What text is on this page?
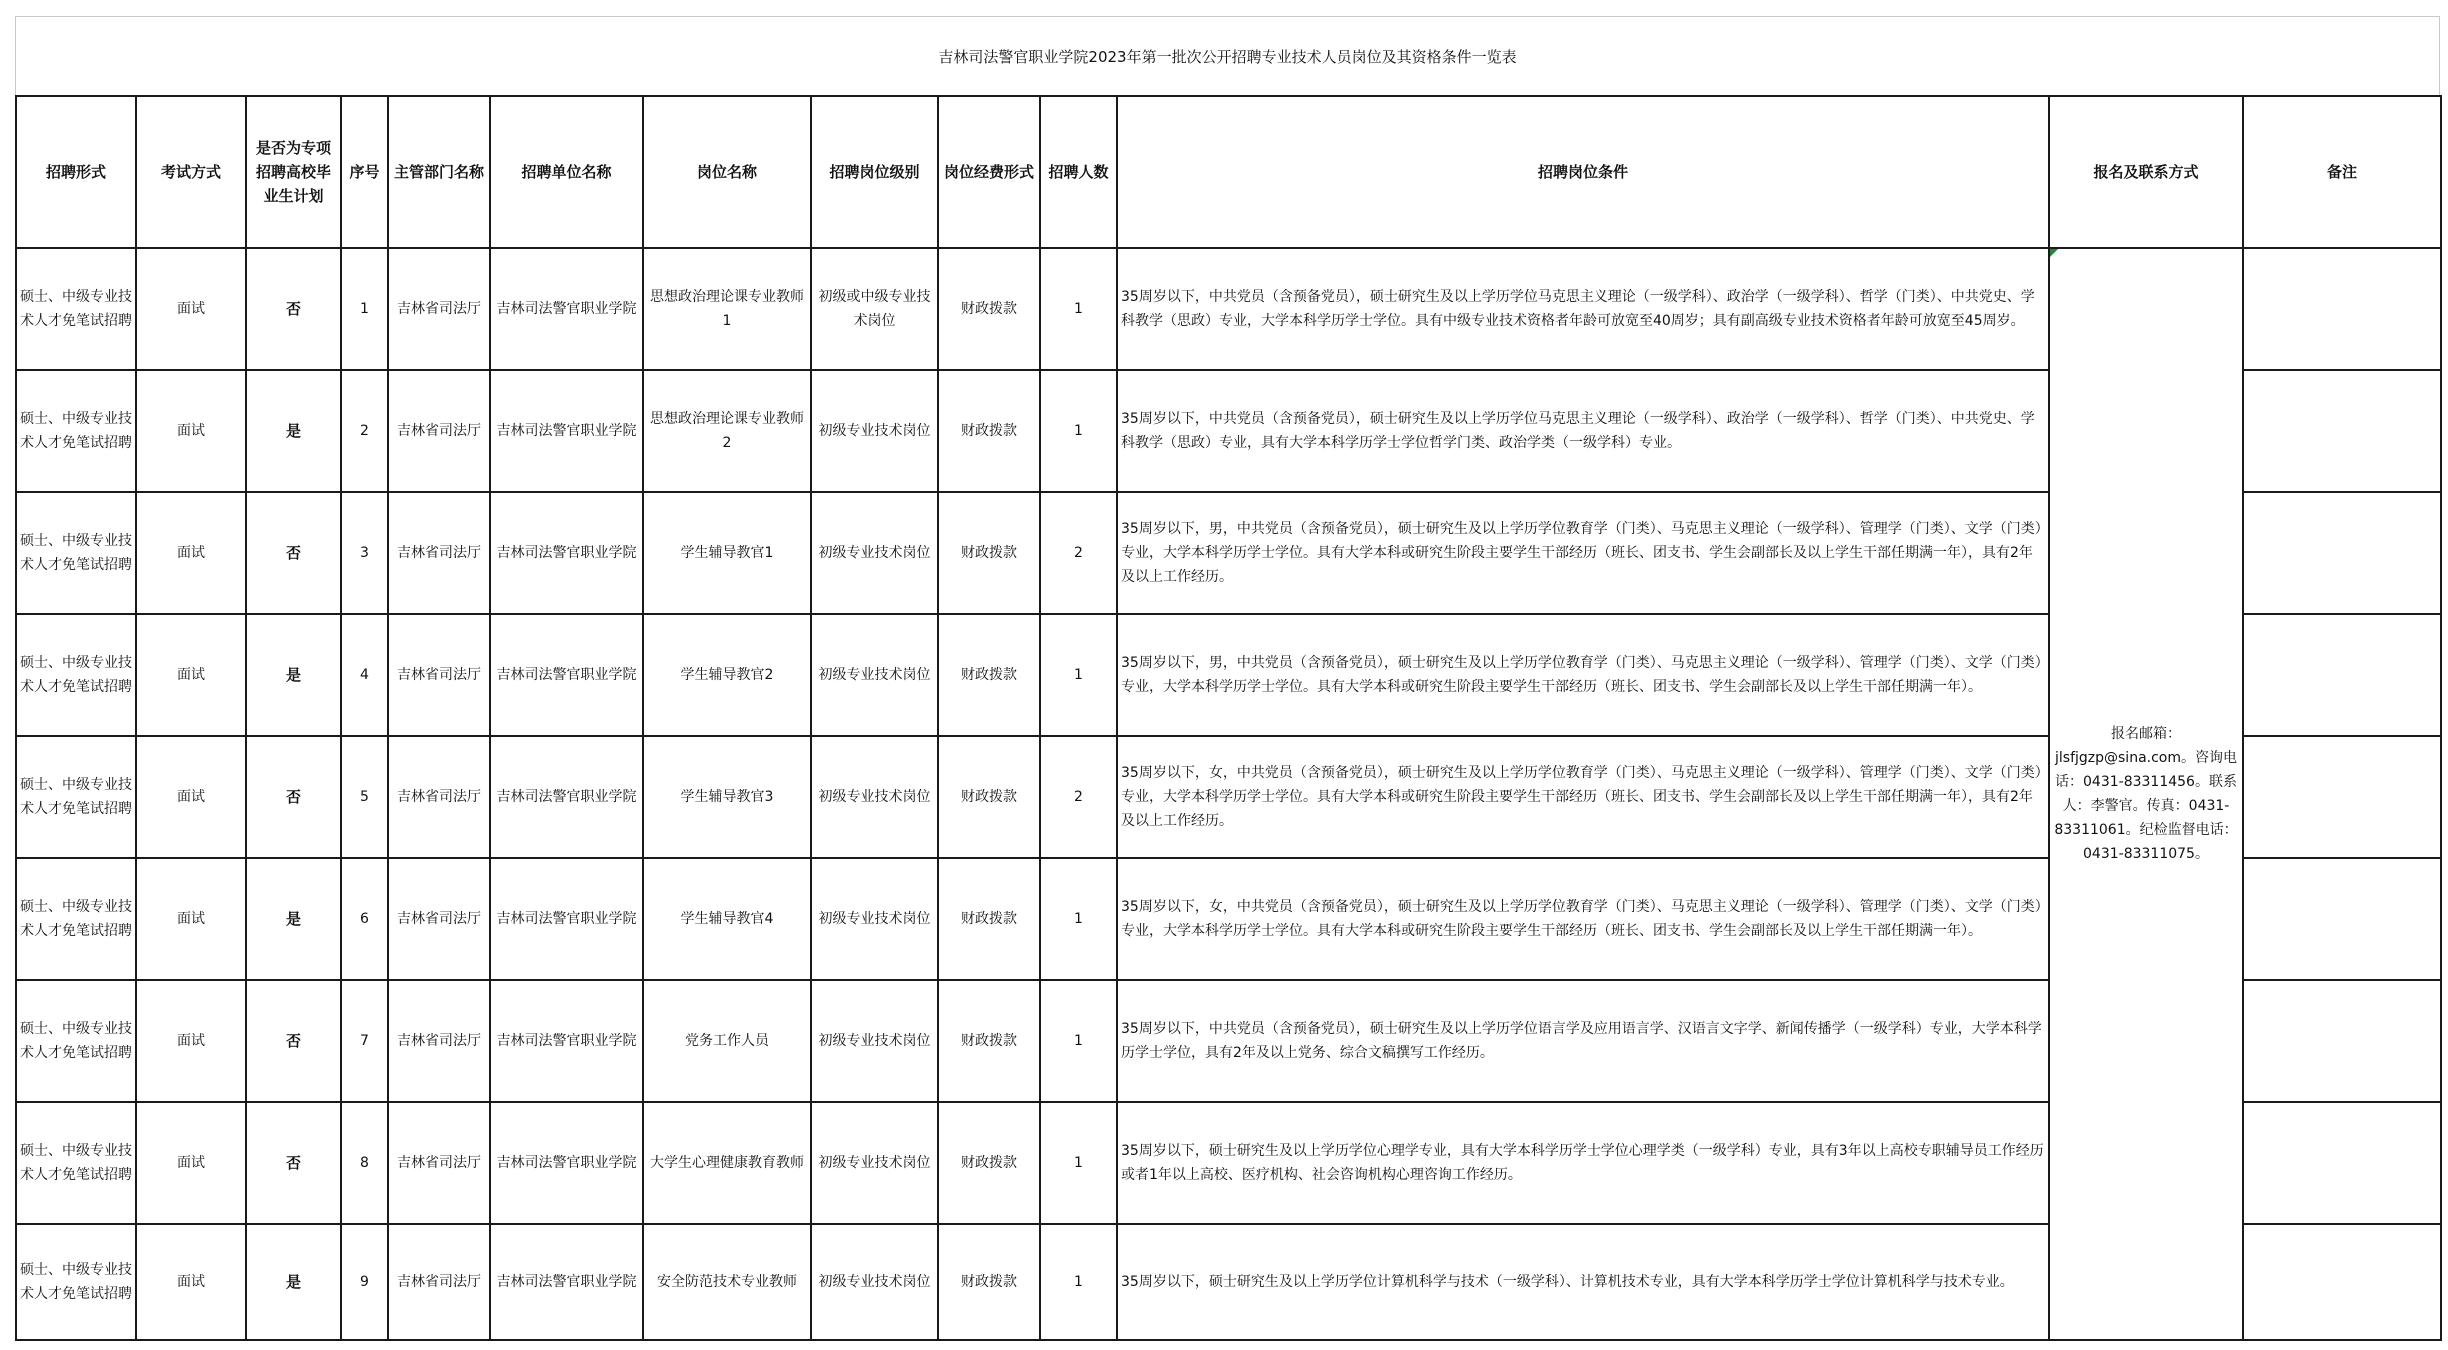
吉林司法警官职业学院2023年第一批次公开招聘专业技术人员岗位及其资格条件一览表
招聘形式	考试方式	是否为专项招聘高校毕业生计划	序号	主管部门名称	招聘单位名称	岗位名称	招聘岗位级别	岗位经费形式	招聘人数	招聘岗位条件	报名及联系方式	备注
硕士、中级专业技术人才免笔试招聘	面试	否	1	吉林省司法厅	吉林司法警官职业学院	思想政治理论课专业教师1	初级或中级专业技术岗位	财政拨款	1	35周岁以下，中共党员（含预备党员），硕士研究生及以上学历学位马克思主义理论（一级学科）、政治学（一级学科）、哲学（门类）、中共党史、学科教学（思政）专业，大学本科学历学士学位。具有中级专业技术资格者年龄可放宽至40周岁；具有副高级专业技术资格者年龄可放宽至45周岁。	报名邮箱：
jlsfjgzp@sina.com。咨询电话：0431-83311456。联系人：李警官。传真：0431-83311061。纪检监督电话：0431-83311075。	

硕士、中级专业技术人才免笔试招聘	面试	是	2	吉林省司法厅	吉林司法警官职业学院	思想政治理论课专业教师2	初级专业技术岗位	财政拨款	1	35周岁以下，中共党员（含预备党员），硕士研究生及以上学历学位马克思主义理论（一级学科）、政治学（一级学科）、哲学（门类）、中共党史、学科教学（思政）专业，具有大学本科学历学士学位哲学门类、政治学类（一级学科）专业。		
硕士、中级专业技术人才免笔试招聘	面试	否	3	吉林省司法厅	吉林司法警官职业学院	学生辅导教官1	初级专业技术岗位	财政拨款	2	35周岁以下，男，中共党员（含预备党员），硕士研究生及以上学历学位教育学（门类）、马克思主义理论（一级学科）、管理学（门类）、文学（门类）专业，大学本科学历学士学位。具有大学本科或研究生阶段主要学生干部经历（班长、团支书、学生会副部长及以上学生干部任期满一年），具有2年及以上工作经历。		
硕士、中级专业技术人才免笔试招聘	面试	是	4	吉林省司法厅	吉林司法警官职业学院	学生辅导教官2	初级专业技术岗位	财政拨款	1	35周岁以下，男，中共党员（含预备党员），硕士研究生及以上学历学位教育学（门类）、马克思主义理论（一级学科）、管理学（门类）、文学（门类）专业，大学本科学历学士学位。具有大学本科或研究生阶段主要学生干部经历（班长、团支书、学生会副部长及以上学生干部任期满一年）。		
硕士、中级专业技术人才免笔试招聘	面试	否	5	吉林省司法厅	吉林司法警官职业学院	学生辅导教官3	初级专业技术岗位	财政拨款	2	35周岁以下，女，中共党员（含预备党员），硕士研究生及以上学历学位教育学（门类）、马克思主义理论（一级学科）、管理学（门类）、文学（门类）专业，大学本科学历学士学位。具有大学本科或研究生阶段主要学生干部经历（班长、团支书、学生会副部长及以上学生干部任期满一年），具有2年及以上工作经历。		
硕士、中级专业技术人才免笔试招聘	面试	是	6	吉林省司法厅	吉林司法警官职业学院	学生辅导教官4	初级专业技术岗位	财政拨款	1	35周岁以下，女，中共党员（含预备党员），硕士研究生及以上学历学位教育学（门类）、马克思主义理论（一级学科）、管理学（门类）、文学（门类）专业，大学本科学历学士学位。具有大学本科或研究生阶段主要学生干部经历（班长、团支书、学生会副部长及以上学生干部任期满一年）。		
硕士、中级专业技术人才免笔试招聘	面试	否	7	吉林省司法厅	吉林司法警官职业学院	党务工作人员	初级专业技术岗位	财政拨款	1	35周岁以下，中共党员（含预备党员），硕士研究生及以上学历学位语言学及应用语言学、汉语言文字学、新闻传播学（一级学科）专业，大学本科学历学士学位，具有2年及以上党务、综合文稿撰写工作经历。		
硕士、中级专业技术人才免笔试招聘	面试	否	8	吉林省司法厅	吉林司法警官职业学院	大学生心理健康教育教师	初级专业技术岗位	财政拨款	1	35周岁以下，硕士研究生及以上学历学位心理学专业，具有大学本科学历学士学位心理学类（一级学科）专业，具有3年以上高校专职辅导员工作经历或者1年以上高校、医疗机构、社会咨询机构心理咨询工作经历。		
硕士、中级专业技术人才免笔试招聘	面试	是	9	吉林省司法厅	吉林司法警官职业学院	安全防范技术专业教师	初级专业技术岗位	财政拨款	1	35周岁以下，硕士研究生及以上学历学位计算机科学与技术（一级学科）、计算机技术专业，具有大学本科学历学士学位计算机科学与技术专业。		
